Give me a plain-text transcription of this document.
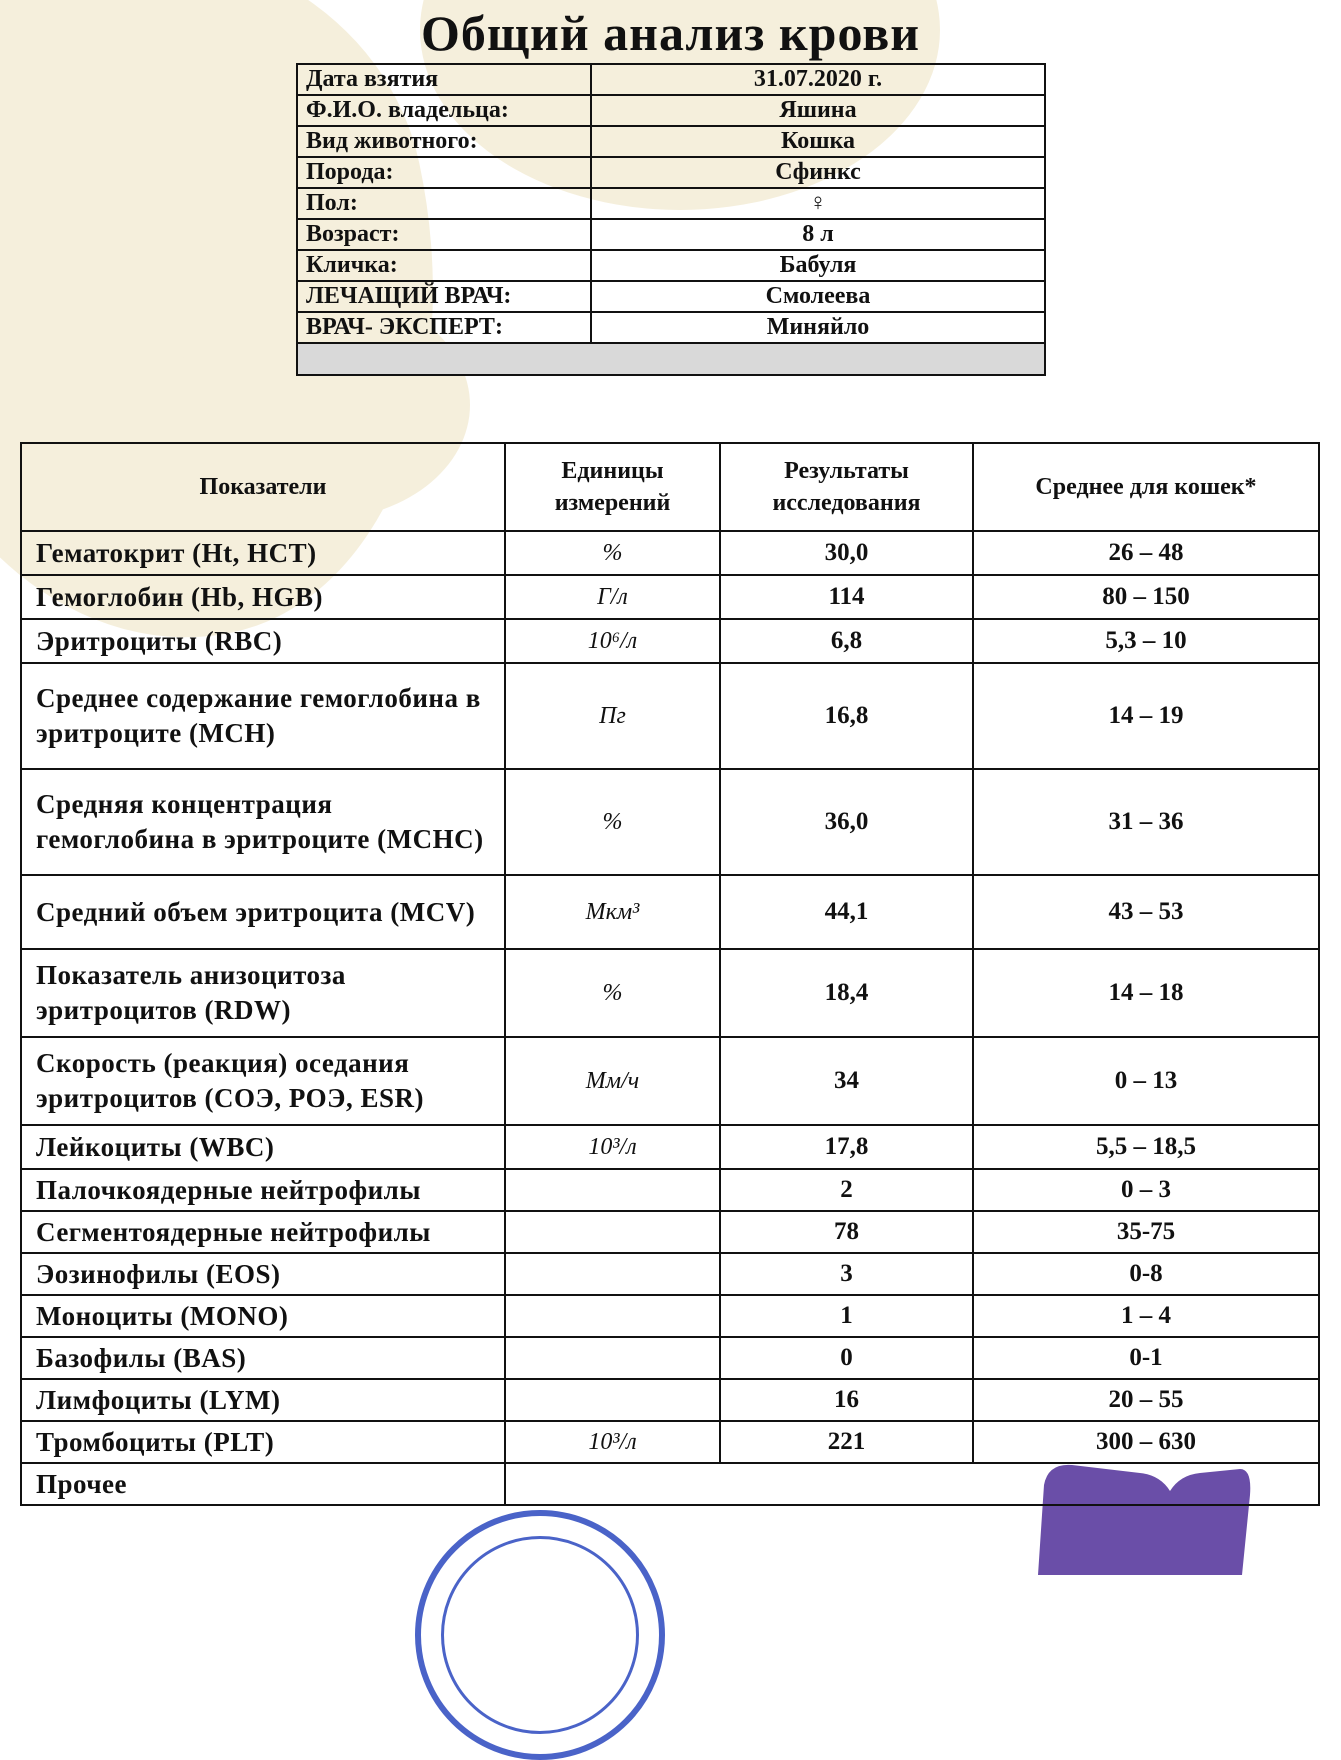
Общий анализ крови
Дата взятия	31.07.2020 г.
Ф.И.О. владельца:	Яшина
Вид животного:	Кошка
Порода:	Сфинкс
Пол:	♀
Возраст:	8 л
Кличка:	Бабуля
ЛЕЧАЩИЙ ВРАЧ:	Смолеева
ВРАЧ- ЭКСПЕРТ:	Миняйло

Показатели	Единицы измерений	Результаты исследования	Среднее для кошек*
Гематокрит (Ht, HCT)	%	30,0	26 – 48
Гемоглобин (Hb, HGB)	Г/л	114	80 – 150
Эритроциты (RBC)	10⁶/л	6,8	5,3 – 10
Среднее содержание гемоглобина в эритроците (MCH)	Пг	16,8	14 – 19
Средняя концентрация гемоглобина в эритроците (MCHC)	%	36,0	31 – 36
Средний объем эритроцита (MCV)	Мкм³	44,1	43 – 53
Показатель анизоцитоза эритроцитов (RDW)	%	18,4	14 – 18
Скорость (реакция) оседания эритроцитов (СОЭ, РОЭ, ESR)	Мм/ч	34	0 – 13
Лейкоциты (WBC)	10³/л	17,8	5,5 – 18,5
Палочкоядерные нейтрофилы		2	0 – 3
Сегментоядерные нейтрофилы		78	35-75
Эозинофилы (EOS)		3	0-8
Моноциты (MONO)		1	1 – 4
Базофилы (BAS)		0	0-1
Лимфоциты (LYM)		16	20 – 55
Тромбоциты (PLT)	10³/л	221	300 – 630
Прочее			
